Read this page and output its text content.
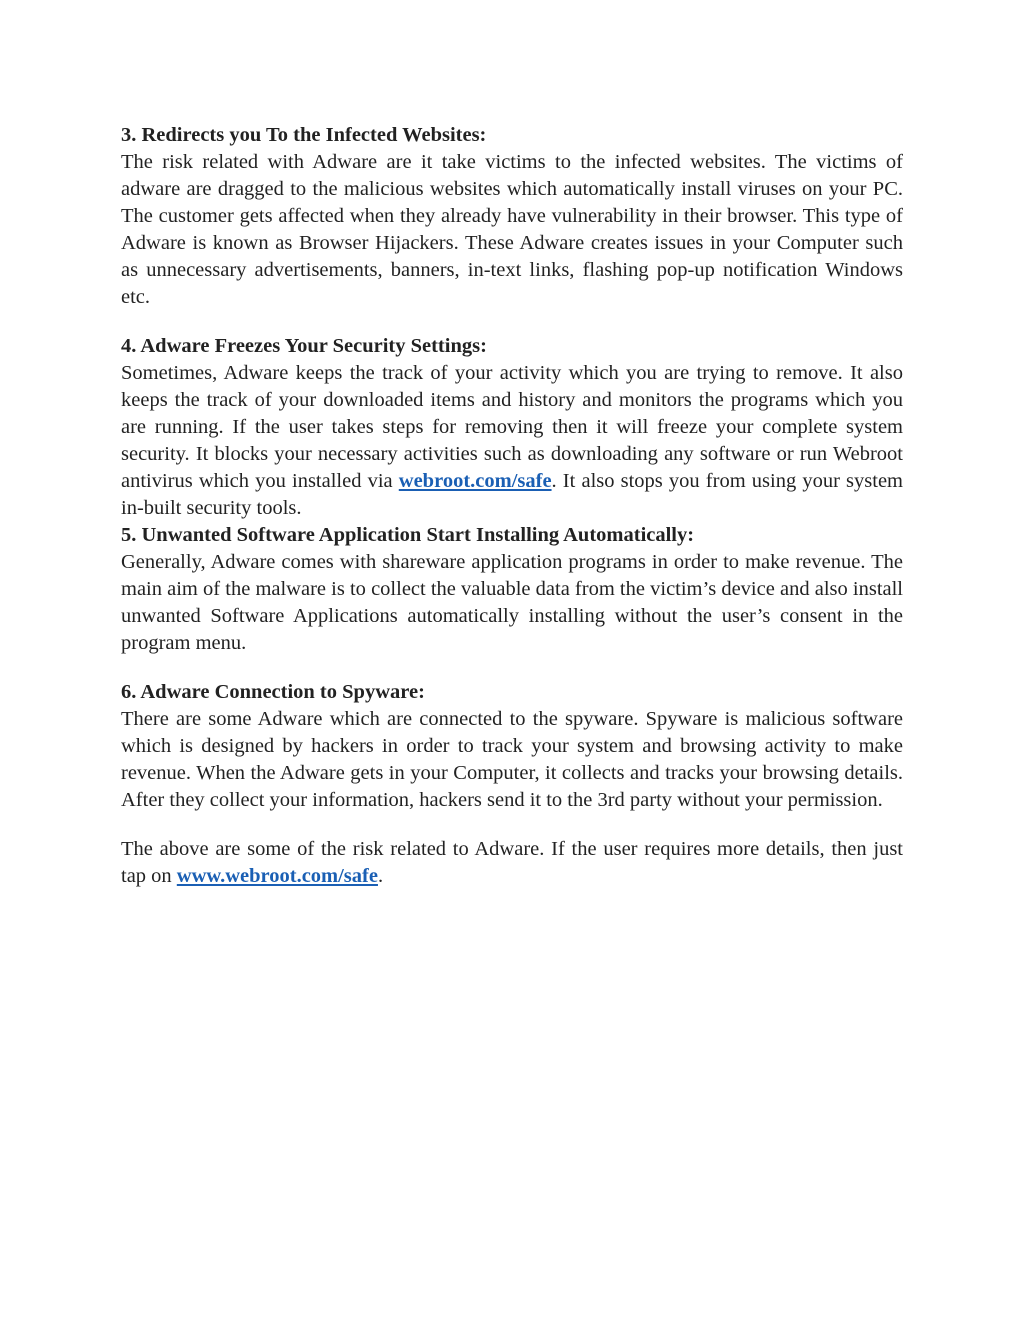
3. Redirects you To the Infected Websites:

The risk related with Adware are it take victims to the infected websites. The victims of adware are dragged to the malicious websites which automatically install viruses on your PC. The customer gets affected when they already have vulnerability in their browser. This type of Adware is known as Browser Hijackers. These Adware creates issues in your Computer such as unnecessary advertisements, banners, in-text links, flashing pop-up notification Windows etc.

4. Adware Freezes Your Security Settings:

Sometimes, Adware keeps the track of your activity which you are trying to remove. It also keeps the track of your downloaded items and history and monitors the programs which you are running. If the user takes steps for removing then it will freeze your complete system security. It blocks your necessary activities such as downloading any software or run Webroot antivirus which you installed via webroot.com/safe. It also stops you from using your system in-built security tools.

5. Unwanted Software Application Start Installing Automatically:

Generally, Adware comes with shareware application programs in order to make revenue. The main aim of the malware is to collect the valuable data from the victim’s device and also install unwanted Software Applications automatically installing without the user’s consent in the program menu.

6. Adware Connection to Spyware:

There are some Adware which are connected to the spyware. Spyware is malicious software which is designed by hackers in order to track your system and browsing activity to make revenue. When the Adware gets in your Computer, it collects and tracks your browsing details. After they collect your information, hackers send it to the 3rd party without your permission.

The above are some of the risk related to Adware. If the user requires more details, then just tap on www.webroot.com/safe.
